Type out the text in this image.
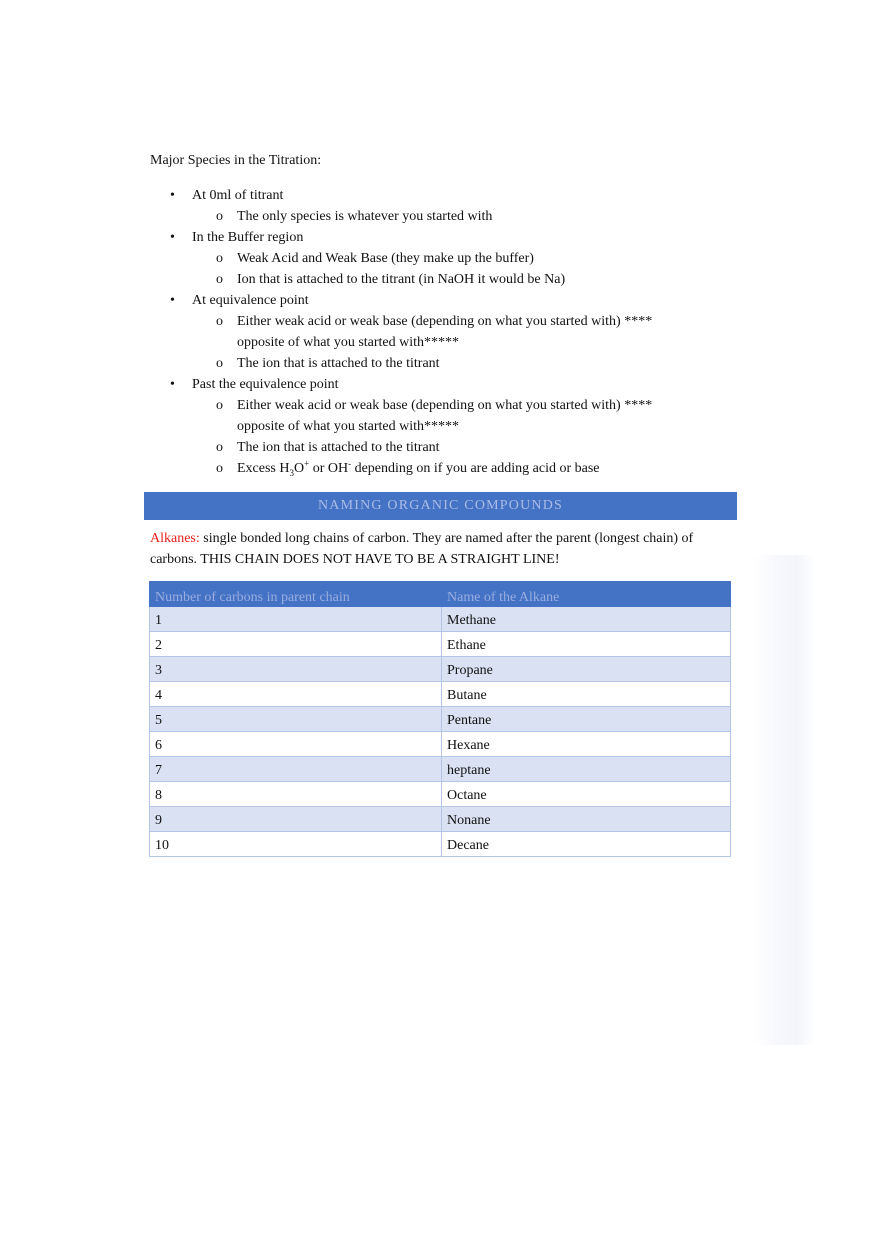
Major Species in the Titration:
•	At 0ml of titrant
o The only species is whatever you started with
•	In the Buffer region
o Weak Acid and Weak Base (they make up the buffer)
o Ion that is attached to the titrant (in NaOH it would be Na)
•	At equivalence point
o Either weak acid or weak base (depending on what you started with) **** opposite of what you started with*****
o The ion that is attached to the titrant
•	Past the equivalence point
o Either weak acid or weak base (depending on what you started with) **** opposite of what you started with*****
o The ion that is attached to the titrant
o Excess $H_3O^+$ or OH- depending on if you are adding acid or base
NAMING ORGANIC COMPOUNDS
Alkanes: single bonded long chains of carbon. They are named after the parent (longest chain) of carbons. THIS CHAIN DOES NOT HAVE TO BE A STRAIGHT LINE!
Number of carbons in parent chain	Name of the Alkane
1	Methane
2	Ethane
3	Propane
4	Butane
5	Pentane
6	Hexane
7	heptane
8	Octane
9	Nonane
10	Decane
